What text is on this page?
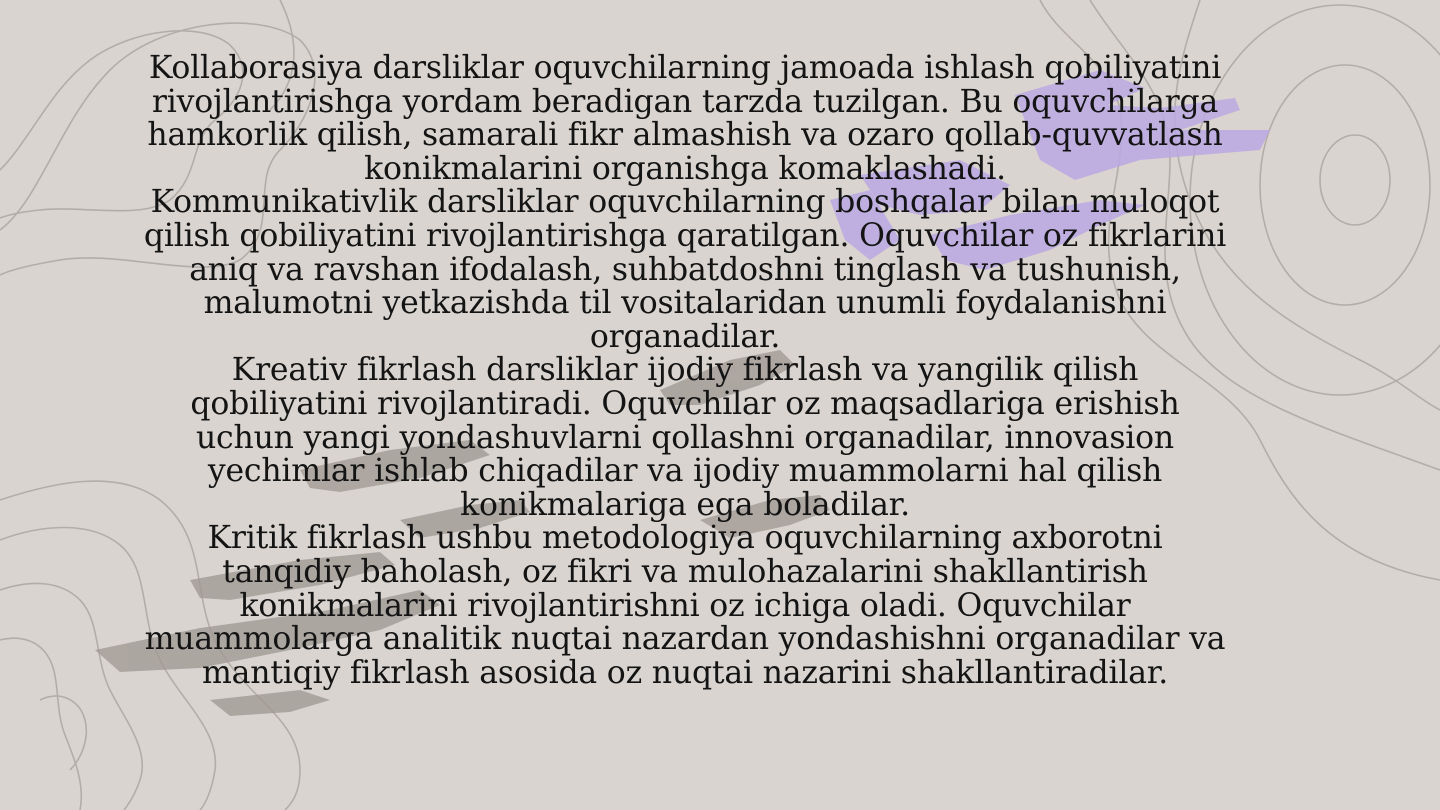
Kollaborasiya darsliklar oquvchilarning jamoada ishlash qobiliyatini rivojlantirishga yordam beradigan tarzda tuzilgan. Bu oquvchilarga hamkorlik qilish, samarali fikr almashish va ozaro qollab-quvvatlash konikmalarini organishga komaklashadi.

Kommunikativlik darsliklar oquvchilarning boshqalar bilan muloqot qilish qobiliyatini rivojlantirishga qaratilgan. Oquvchilar oz fikrlarini aniq va ravshan ifodalash, suhbatdoshni tinglash va tushunish, malumotni yetkazishda til vositalaridan unumli foydalanishni organadilar.

Kreativ fikrlash darsliklar ijodiy fikrlash va yangilik qilish qobiliyatini rivojlantiradi. Oquvchilar oz maqsadlariga erishish uchun yangi yondashuvlarni qollashni organadilar, innovasion yechimlar ishlab chiqadilar va ijodiy muammolarni hal qilish konikmalariga ega boladilar.

Kritik fikrlash ushbu metodologiya oquvchilarning axborotni tanqidiy baholash, oz fikri va mulohazalarini shakllantirish konikmalarini rivojlantirishni oz ichiga oladi. Oquvchilar muammolarga analitik nuqtai nazardan yondashishni organadilar va mantiqiy fikrlash asosida oz nuqtai nazarini shakllantiradilar.
